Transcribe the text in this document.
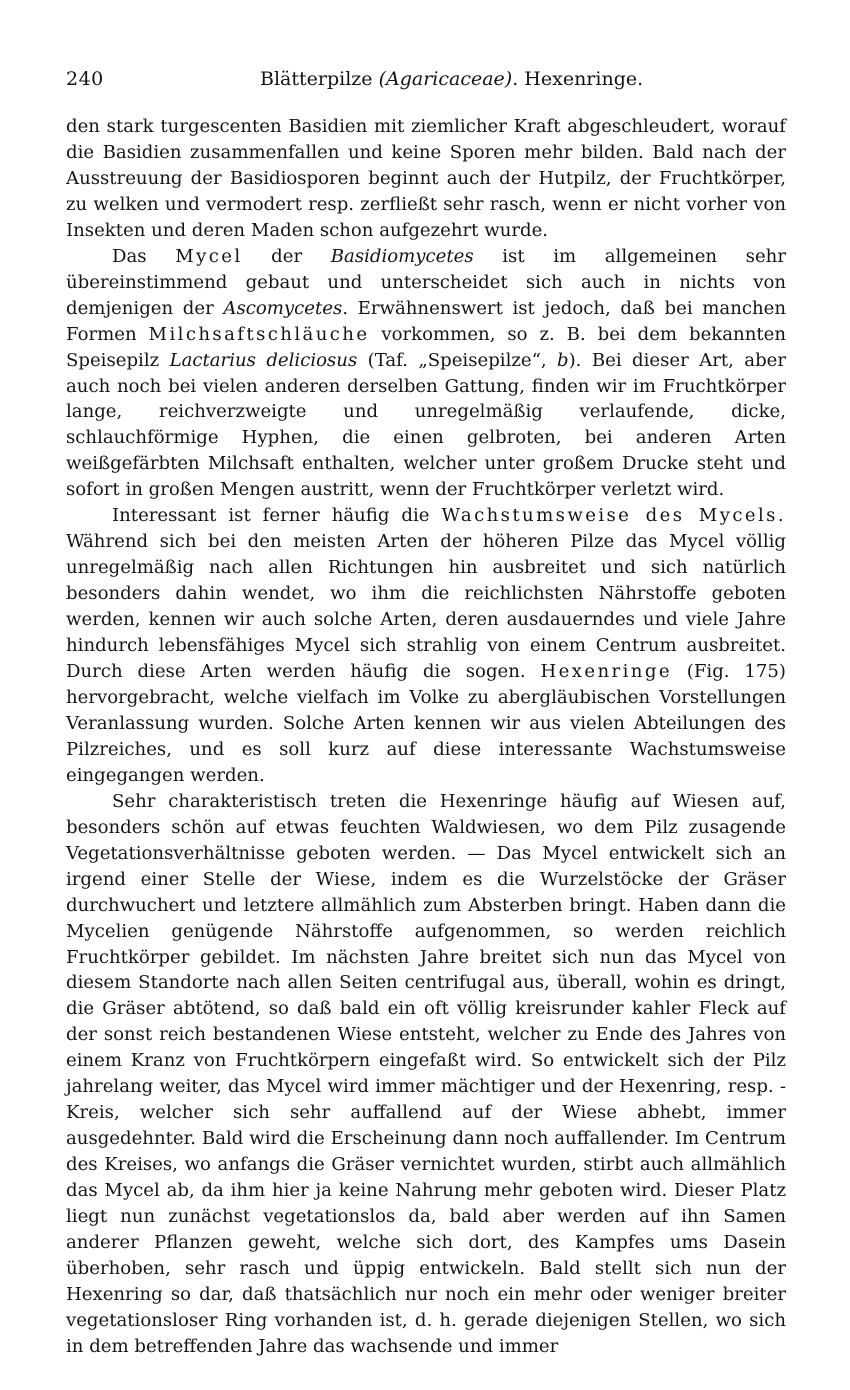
240	Blätterpilze (Agaricaceae). Hexenringe.

den stark turgescenten Basidien mit ziemlicher Kraft abgeschleudert, worauf die Basidien zusammenfallen und keine Sporen mehr bilden. Bald nach der Ausstreuung der Basidiosporen beginnt auch der Hutpilz, der Fruchtkörper, zu welken und vermodert resp. zerfließt sehr rasch, wenn er nicht vorher von Insekten und deren Maden schon aufgezehrt wurde.

Das Mycel der Basidiomycetes ist im allgemeinen sehr übereinstimmend gebaut und unterscheidet sich auch in nichts von demjenigen der Ascomycetes. Erwähnenswert ist jedoch, daß bei manchen Formen Milchsaftschläuche vorkommen, so z. B. bei dem bekannten Speisepilz Lactarius deliciosus (Taf. „Speisepilze“, b). Bei dieser Art, aber auch noch bei vielen anderen derselben Gattung, finden wir im Fruchtkörper lange, reichverzweigte und unregelmäßig verlaufende, dicke, schlauchförmige Hyphen, die einen gelbroten, bei anderen Arten weißgefärbten Milchsaft enthalten, welcher unter großem Drucke steht und sofort in großen Mengen austritt, wenn der Fruchtkörper verletzt wird.

Interessant ist ferner häufig die Wachstumsweise des Mycels. Während sich bei den meisten Arten der höheren Pilze das Mycel völlig unregelmäßig nach allen Richtungen hin ausbreitet und sich natürlich besonders dahin wendet, wo ihm die reichlichsten Nährstoffe geboten werden, kennen wir auch solche Arten, deren ausdauerndes und viele Jahre hindurch lebensfähiges Mycel sich strahlig von einem Centrum ausbreitet. Durch diese Arten werden häufig die sogen. Hexenringe (Fig. 175) hervorgebracht, welche vielfach im Volke zu abergläubischen Vorstellungen Veranlassung wurden. Solche Arten kennen wir aus vielen Abteilungen des Pilzreiches, und es soll kurz auf diese interessante Wachstumsweise eingegangen werden.

Sehr charakteristisch treten die Hexenringe häufig auf Wiesen auf, besonders schön auf etwas feuchten Waldwiesen, wo dem Pilz zusagende Vegetationsverhältnisse geboten werden. — Das Mycel entwickelt sich an irgend einer Stelle der Wiese, indem es die Wurzelstöcke der Gräser durchwuchert und letztere allmählich zum Absterben bringt. Haben dann die Mycelien genügende Nährstoffe aufgenommen, so werden reichlich Fruchtkörper gebildet. Im nächsten Jahre breitet sich nun das Mycel von diesem Standorte nach allen Seiten centrifugal aus, überall, wohin es dringt, die Gräser abtötend, so daß bald ein oft völlig kreisrunder kahler Fleck auf der sonst reich bestandenen Wiese entsteht, welcher zu Ende des Jahres von einem Kranz von Fruchtkörpern eingefaßt wird. So entwickelt sich der Pilz jahrelang weiter, das Mycel wird immer mächtiger und der Hexenring, resp. -Kreis, welcher sich sehr auffallend auf der Wiese abhebt, immer ausgedehnter. Bald wird die Erscheinung dann noch auffallender. Im Centrum des Kreises, wo anfangs die Gräser vernichtet wurden, stirbt auch allmählich das Mycel ab, da ihm hier ja keine Nahrung mehr geboten wird. Dieser Platz liegt nun zunächst vegetationslos da, bald aber werden auf ihn Samen anderer Pflanzen geweht, welche sich dort, des Kampfes ums Dasein überhoben, sehr rasch und üppig entwickeln. Bald stellt sich nun der Hexenring so dar, daß thatsächlich nur noch ein mehr oder weniger breiter vegetationsloser Ring vorhanden ist, d. h. gerade diejenigen Stellen, wo sich in dem betreffenden Jahre das wachsende und immer
